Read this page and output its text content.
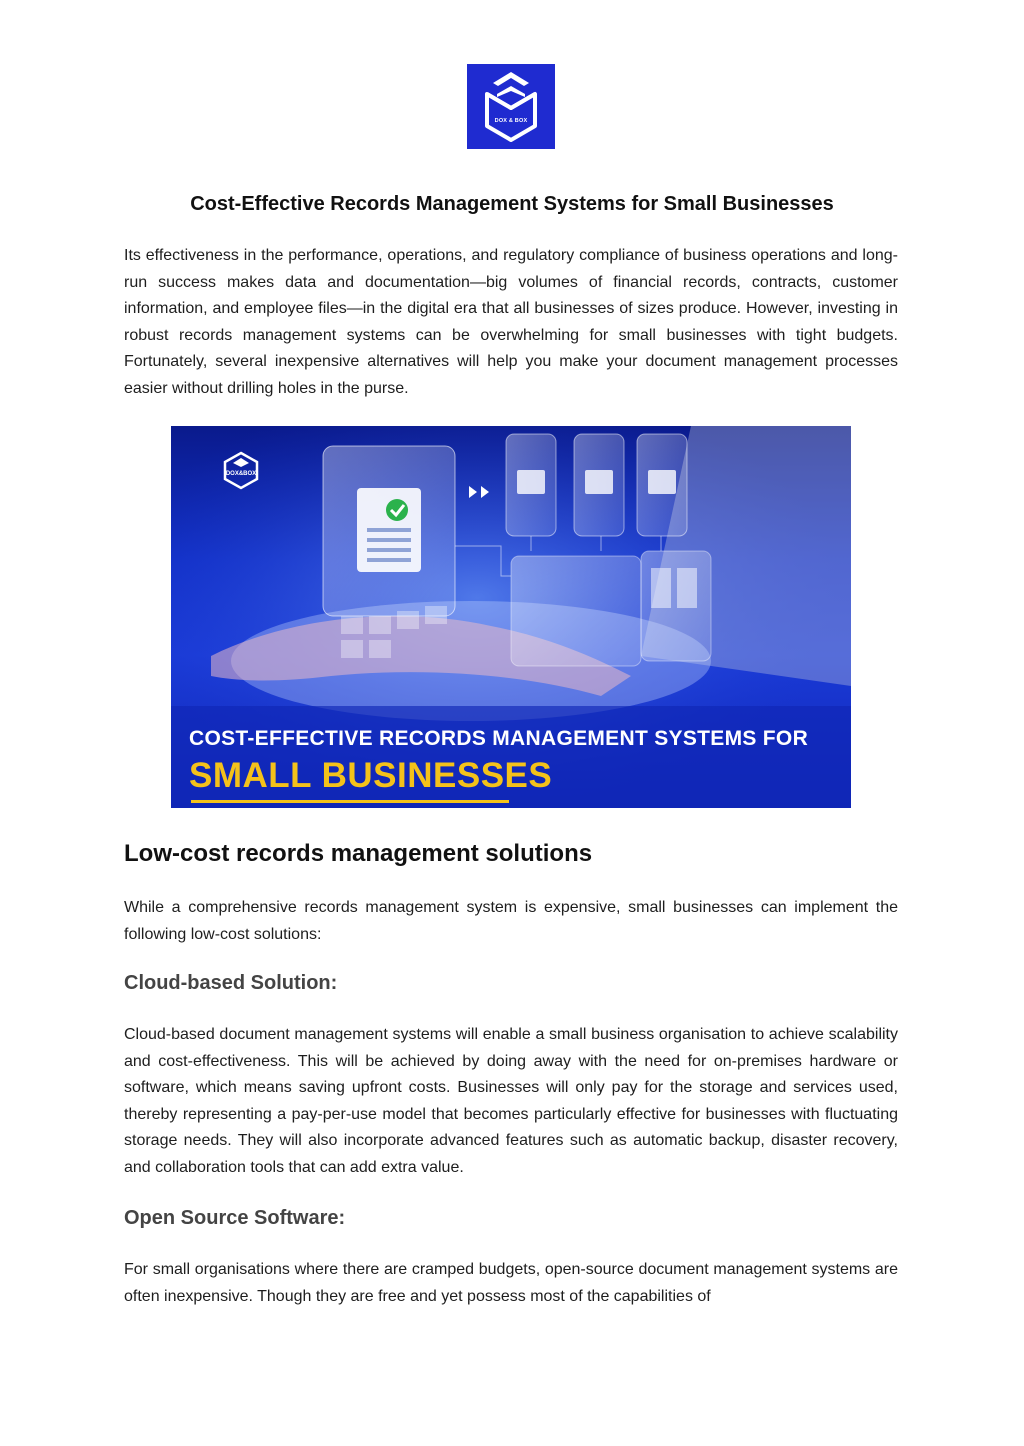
DOX & BOX
Cost-Effective Records Management Systems for Small Businesses

Its effectiveness in the performance, operations, and regulatory compliance of business operations and long-run success makes data and documentation—big volumes of financial records, contracts, customer information, and employee files—in the digital era that all businesses of sizes produce. However, investing in robust records management systems can be overwhelming for small businesses with tight budgets. Fortunately, several inexpensive alternatives will help you make your document management processes easier without drilling holes in the purse.

DOX&BOX

COST-EFFECTIVE RECORDS MANAGEMENT SYSTEMS FOR

SMALL BUSINESSES

Low-cost records management solutions

While a comprehensive records management system is expensive, small businesses can implement the following low-cost solutions:

Cloud-based Solution:

Cloud-based document management systems will enable a small business organisation to achieve scalability and cost-effectiveness. This will be achieved by doing away with the need for on-premises hardware or software, which means saving upfront costs. Businesses will only pay for the storage and services used, thereby representing a pay-per-use model that becomes particularly effective for businesses with fluctuating storage needs. They will also incorporate advanced features such as automatic backup, disaster recovery, and collaboration tools that can add extra value.

Open Source Software:

For small organisations where there are cramped budgets, open-source document management systems are often inexpensive. Though they are free and yet possess most of the capabilities of
